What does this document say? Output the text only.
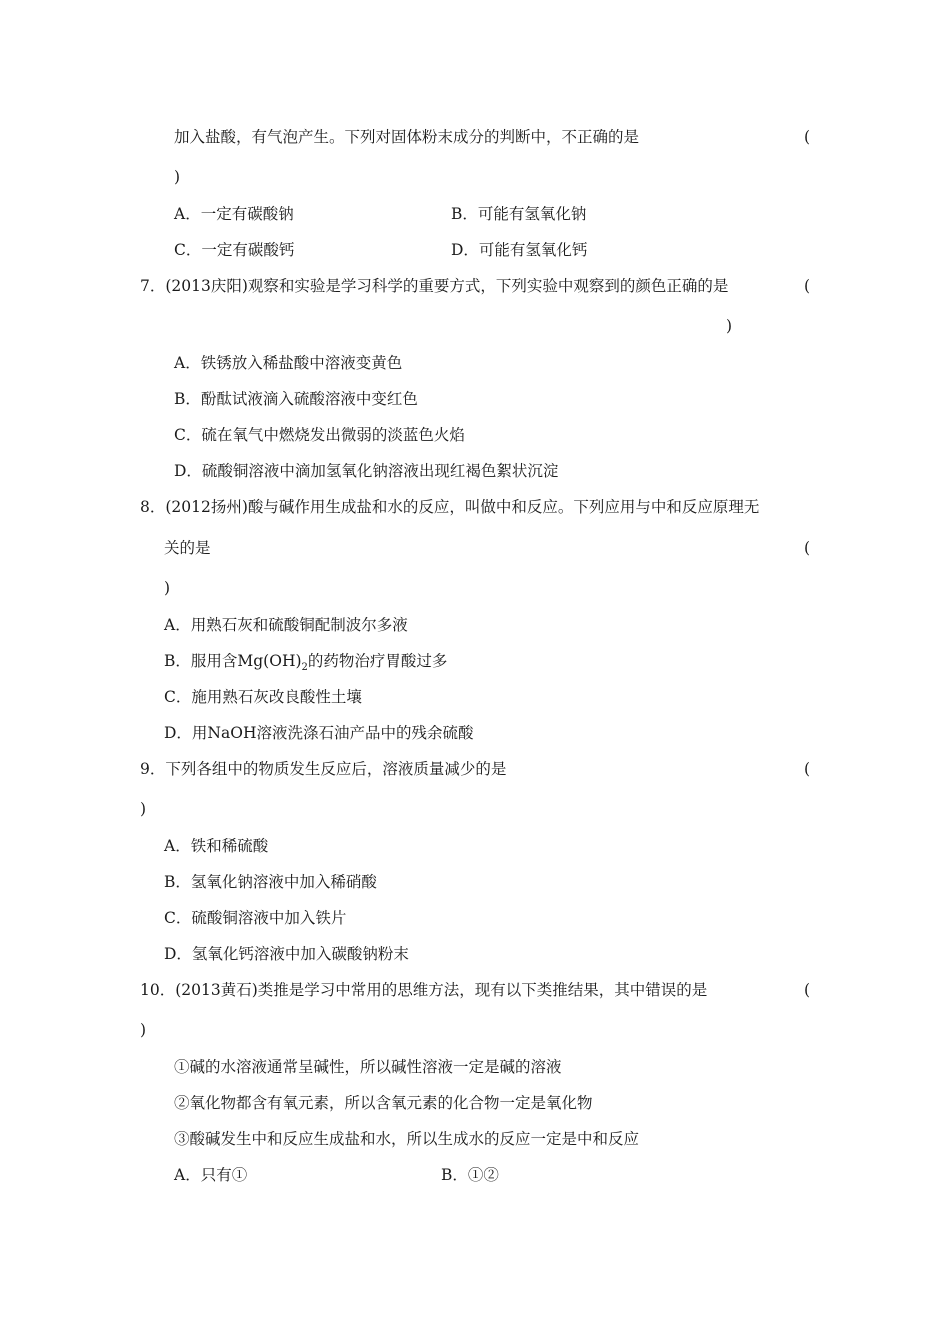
加入盐酸，有气泡产生。下列对固体粉末成分的判断中，不正确的是	(
)
A．一定有碳酸钠	B．可能有氢氧化钠
C．一定有碳酸钙	D．可能有氢氧化钙
7．(2013庆阳)观察和实验是学习科学的重要方式，下列实验中观察到的颜色正确的是	(
)
A．铁锈放入稀盐酸中溶液变黄色
B．酚酞试液滴入硫酸溶液中变红色
C．硫在氧气中燃烧发出微弱的淡蓝色火焰
D．硫酸铜溶液中滴加氢氧化钠溶液出现红褐色絮状沉淀
8．(2012扬州)酸与碱作用生成盐和水的反应，叫做中和反应。下列应用与中和反应原理无
关的是	(
)
A．用熟石灰和硫酸铜配制波尔多液
B．服用含$Mg(OH)_2$的药物治疗胃酸过多
C．施用熟石灰改良酸性土壤
D．用NaOH溶液洗涤石油产品中的残余硫酸
9．下列各组中的物质发生反应后，溶液质量减少的是	(
)
A．铁和稀硫酸
B．氢氧化钠溶液中加入稀硝酸
C．硫酸铜溶液中加入铁片
D．氢氧化钙溶液中加入碳酸钠粉末
10．(2013黄石)类推是学习中常用的思维方法，现有以下类推结果，其中错误的是	(
)
①碱的水溶液通常呈碱性，所以碱性溶液一定是碱的溶液
②氧化物都含有氧元素，所以含氧元素的化合物一定是氧化物
③酸碱发生中和反应生成盐和水，所以生成水的反应一定是中和反应
A．只有①	B．①②
